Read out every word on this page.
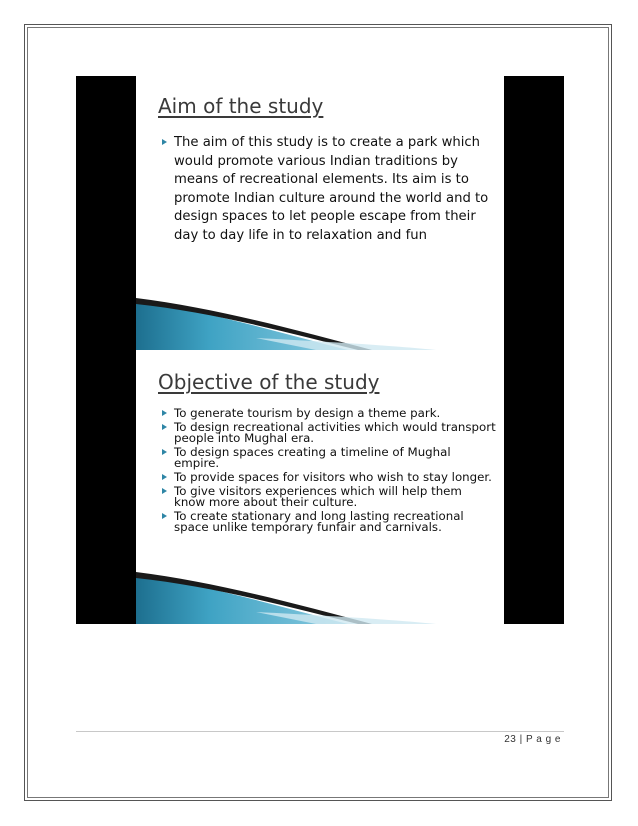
Aim of the study
The aim of this study is to create a park which would promote various Indian traditions by means of recreational elements. Its aim is to promote Indian culture around the world and to design spaces to let people escape from their day to day life in to relaxation and fun
Objective of the study
To generate tourism by design a theme park.
To design recreational activities which would transport people into Mughal era.
To design spaces creating a timeline of Mughal empire.
To provide spaces for visitors who wish to stay longer.
To give visitors experiences which will help them know more about their culture.
To create stationary and long lasting recreational space unlike temporary funfair and carnivals.
23 | P a g e
